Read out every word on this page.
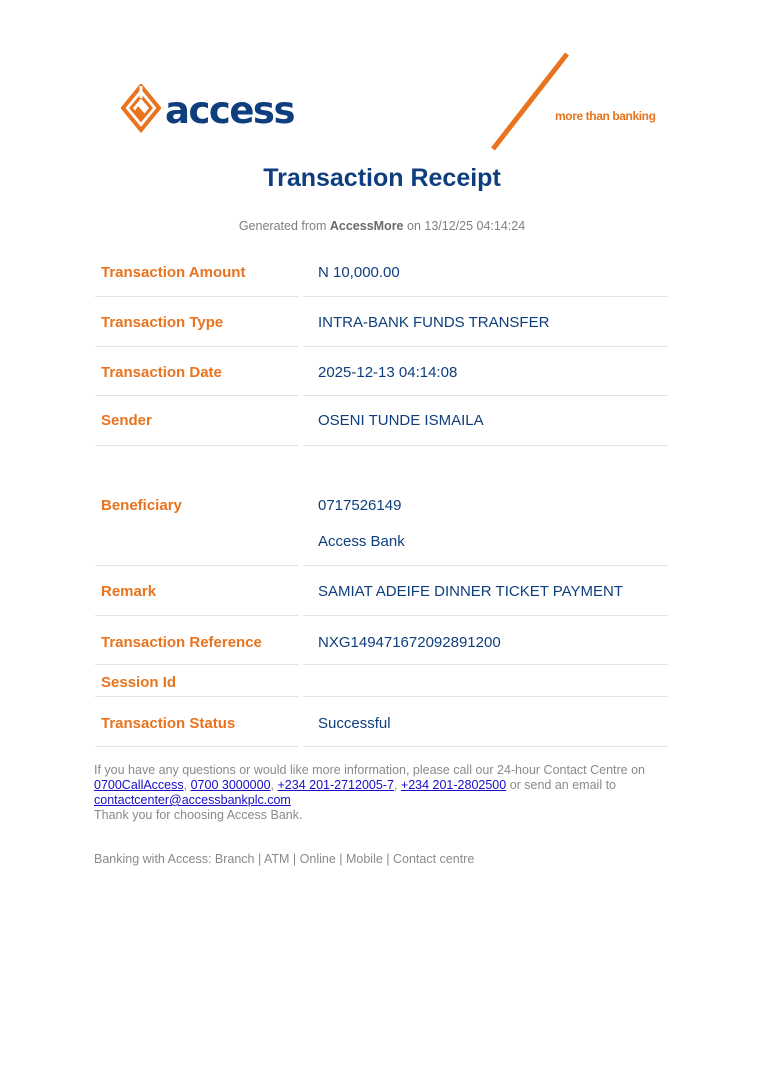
access	more than banking
Transaction Receipt
Generated from AccessMore on 13/12/25 04:14:24
Transaction Amount	N 10,000.00
Transaction Type	INTRA-BANK FUNDS TRANSFER
Transaction Date	2025-12-13 04:14:08
Sender	OSENI TUNDE ISMAILA
Beneficiary	0717526149
Access Bank
Remark	SAMIAT ADEIFE DINNER TICKET PAYMENT
Transaction Reference	NXG149471672092891200
Session Id
Transaction Status	Successful
If you have any questions or would like more information, please call our 24-hour Contact Centre on
0700CallAccess, 0700 3000000, +234 201-2712005-7, +234 201-2802500 or send an email to
contactcenter@accessbankplc.com
Thank you for choosing Access Bank.
Banking with Access: Branch | ATM | Online | Mobile | Contact centre
